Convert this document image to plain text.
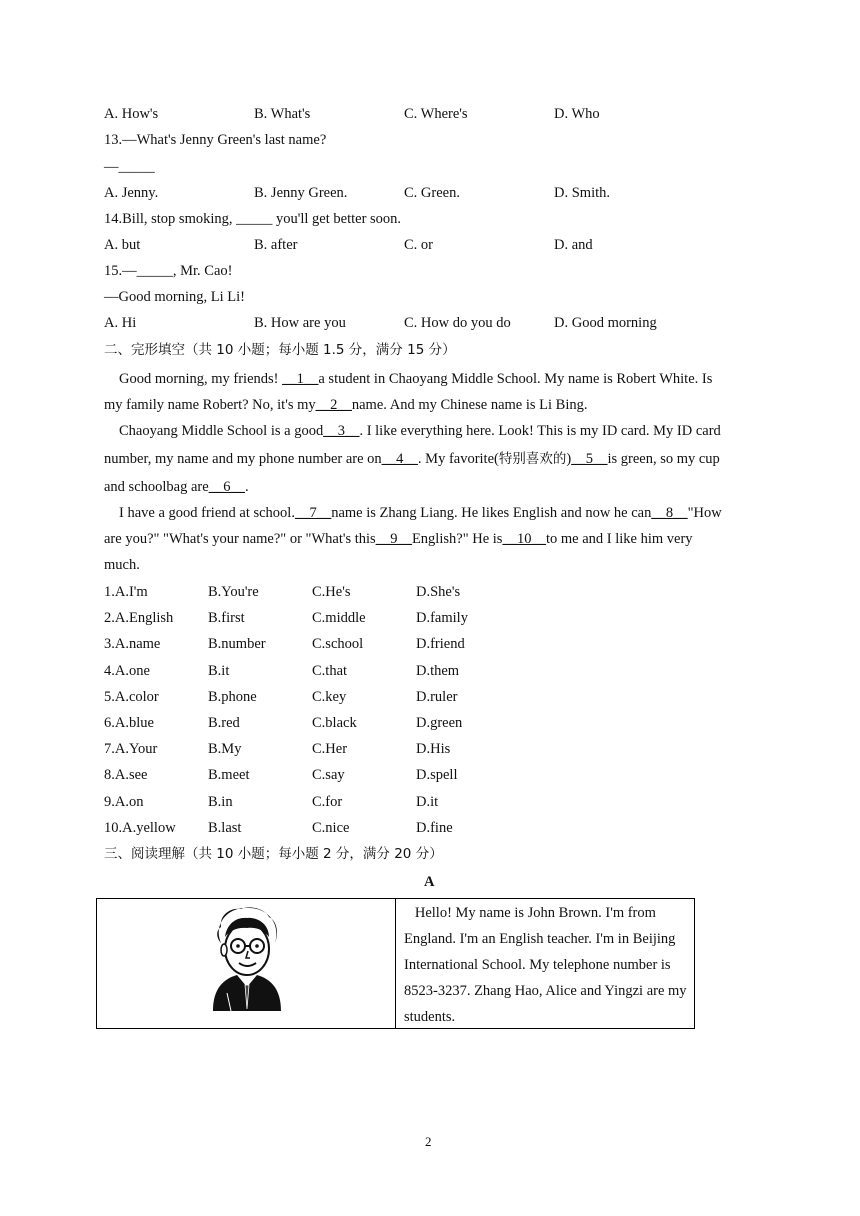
A. How's	B. What's	C. Where's	D. Who
13.—What's Jenny Green's last name?
—_____
A. Jenny.	B. Jenny Green.	C. Green.	D. Smith.
14.Bill, stop smoking, _____ you'll get better soon.
A. but	B. after	C. or	D. and
15.—_____, Mr. Cao!
—Good morning, Li Li!
A. Hi	B. How are you	C. How do you do	D. Good morning
二、完形填空（共 10 小题；每小题 1.5 分，满分 15 分）
Good morning, my friends! __1__a student in Chaoyang Middle School. My name is Robert White. Is
my family name Robert? No, it's my__2__name. And my Chinese name is Li Bing.
Chaoyang Middle School is a good__3__. I like everything here. Look! This is my ID card. My ID card
number, my name and my phone number are on__4__. My favorite(特别喜欢的)__5__is green, so my cup
and schoolbag are__6__.
I have a good friend at school.__7__name is Zhang Liang. He likes English and now he can__8__"How
are you?" "What's your name?" or "What's this__9__English?" He is__10__to me and I like him very
much.
1.A.I'm	B.You're	C.He's	D.She's
2.A.English B.first	C.middle	D.family
3.A.name	B.number	C.school	D.friend
4.A.one	B.it	C.that	D.them
5.A.color	B.phone	C.key	D.ruler
6.A.blue	B.red	C.black	D.green
7.A.Your	B.My	C.Her	D.His
8.A.see	B.meet	C.say	D.spell
9.A.on	B.in	C.for	D.it
10.A.yellow B.last	C.nice	D.fine
三、阅读理解（共 10 小题；每小题 2 分，满分 20 分）
A
Hello! My name is John Brown. I'm from England. I'm an English teacher. I'm in Beijing International School. My telephone number is 8523-3237. Zhang Hao, Alice and Yingzi are my students.
2
